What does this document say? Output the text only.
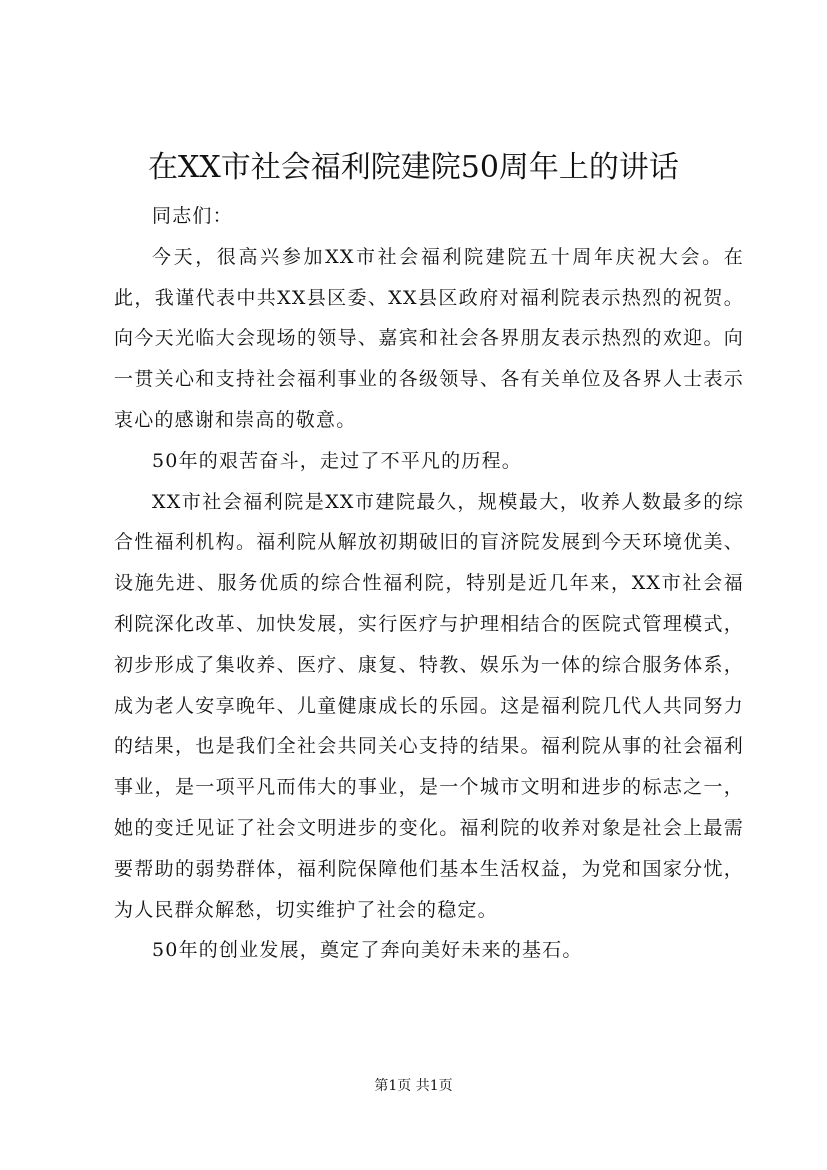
在XX市社会福利院建院50周年上的讲话

同志们：

今天，很高兴参加XX市社会福利院建院五十周年庆祝大会。在此，我谨代表中共XX县区委、XX县区政府对福利院表示热烈的祝贺。向今天光临大会现场的领导、嘉宾和社会各界朋友表示热烈的欢迎。向一贯关心和支持社会福利事业的各级领导、各有关单位及各界人士表示衷心的感谢和崇高的敬意。

50年的艰苦奋斗，走过了不平凡的历程。

XX市社会福利院是XX市建院最久，规模最大，收养人数最多的综合性福利机构。福利院从解放初期破旧的盲济院发展到今天环境优美、设施先进、服务优质的综合性福利院，特别是近几年来，XX市社会福利院深化改革、加快发展，实行医疗与护理相结合的医院式管理模式，初步形成了集收养、医疗、康复、特教、娱乐为一体的综合服务体系，成为老人安享晚年、儿童健康成长的乐园。这是福利院几代人共同努力的结果，也是我们全社会共同关心支持的结果。福利院从事的社会福利事业，是一项平凡而伟大的事业，是一个城市文明和进步的标志之一，她的变迁见证了社会文明进步的变化。福利院的收养对象是社会上最需要帮助的弱势群体，福利院保障他们基本生活权益，为党和国家分忧，为人民群众解愁，切实维护了社会的稳定。

50年的创业发展，奠定了奔向美好未来的基石。

第1页 共1页
